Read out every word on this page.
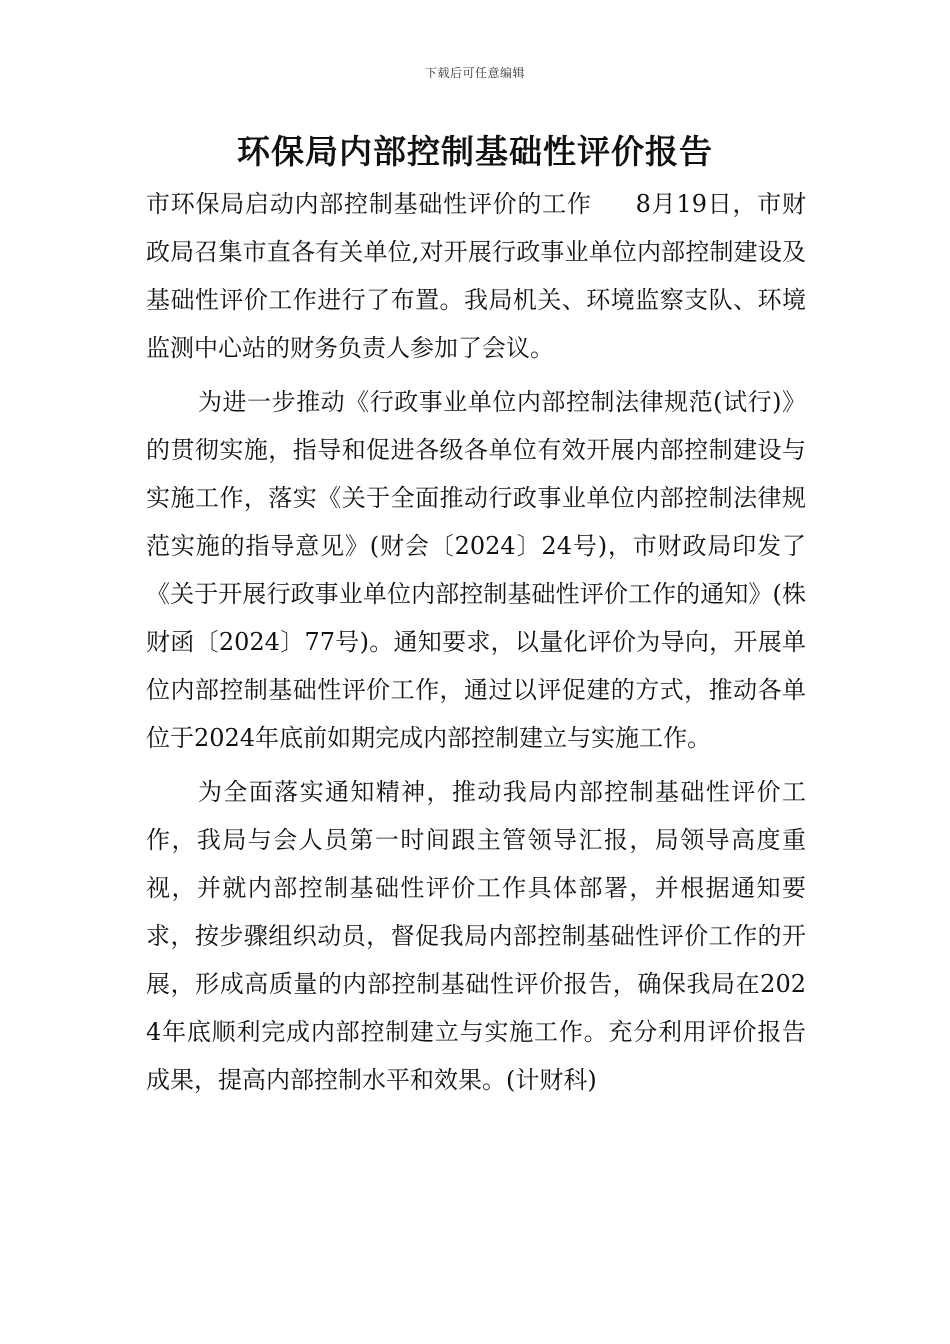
下载后可任意编辑
环保局内部控制基础性评价报告

市环保局启动内部控制基础性评价的工作 8月19日，市财政局召集市直各有关单位,对开展行政事业单位内部控制建设及基础性评价工作进行了布置。我局机关、环境监察支队、环境监测中心站的财务负责人参加了会议。

为进一步推动《行政事业单位内部控制法律规范(试行)》的贯彻实施，指导和促进各级各单位有效开展内部控制建设与实施工作，落实《关于全面推动行政事业单位内部控制法律规范实施的指导意见》(财会〔2024〕24号)，市财政局印发了《关于开展行政事业单位内部控制基础性评价工作的通知》(株财函〔2024〕77号)。通知要求，以量化评价为导向，开展单位内部控制基础性评价工作，通过以评促建的方式，推动各单位于2024年底前如期完成内部控制建立与实施工作。

为全面落实通知精神，推动我局内部控制基础性评价工作，我局与会人员第一时间跟主管领导汇报，局领导高度重视，并就内部控制基础性评价工作具体部署，并根据通知要求，按步骤组织动员，督促我局内部控制基础性评价工作的开展，形成高质量的内部控制基础性评价报告，确保我局在2024年底顺利完成内部控制建立与实施工作。充分利用评价报告成果，提高内部控制水平和效果。(计财科)
